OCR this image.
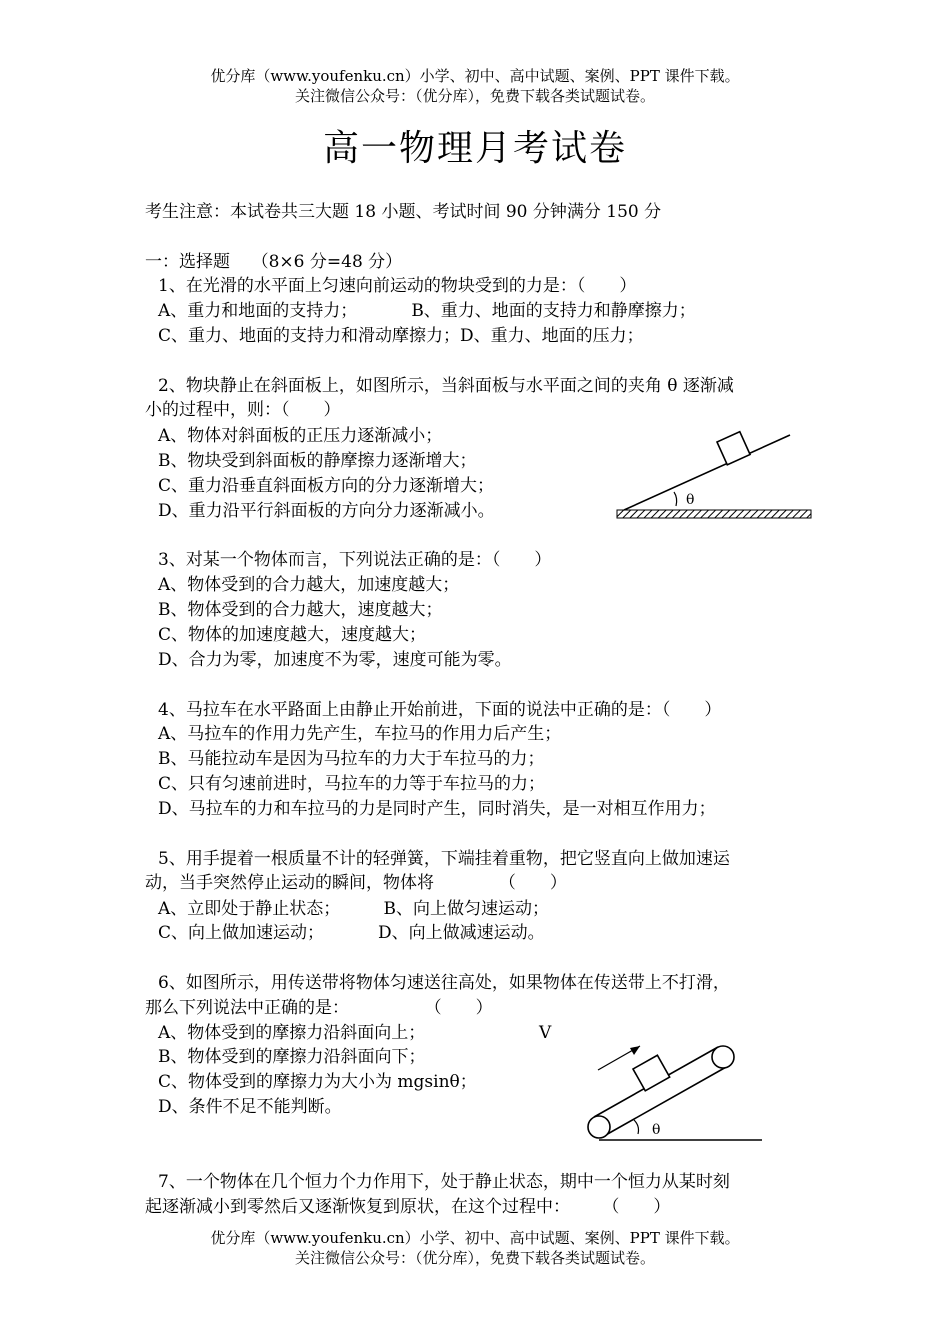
优分库（www.youfenku.cn）小学、初中、高中试题、案例、PPT 课件下载。
关注微信公众号：（优分库），免费下载各类试题试卷。
高一物理月考试卷
考生注意：本试卷共三大题 18 小题、考试时间 90 分钟满分 150 分
一：选择题    （8×6 分=48 分）
1、在光滑的水平面上匀速向前运动的物块受到的力是：（　　）
A、重力和地面的支持力；          B、重力、地面的支持力和静摩擦力；
C、重力、地面的支持力和滑动摩擦力；D、重力、地面的压力；
2、物块静止在斜面板上，如图所示，当斜面板与水平面之间的夹角 θ 逐渐减
小的过程中，则：（　　）
A、物体对斜面板的正压力逐渐减小；
B、物块受到斜面板的静摩擦力逐渐增大；
C、重力沿垂直斜面板方向的分力逐渐增大；
D、重力沿平行斜面板的方向分力逐渐减小。
θ
3、对某一个物体而言，下列说法正确的是：（　　）
A、物体受到的合力越大，加速度越大；
B、物体受到的合力越大，速度越大；
C、物体的加速度越大，速度越大；
D、合力为零，加速度不为零，速度可能为零。
4、马拉车在水平路面上由静止开始前进，下面的说法中正确的是：（　　）
A、马拉车的作用力先产生，车拉马的作用力后产生；
B、马能拉动车是因为马拉车的力大于车拉马的力；
C、只有匀速前进时，马拉车的力等于车拉马的力；
D、马拉车的力和车拉马的力是同时产生，同时消失，是一对相互作用力；
5、用手提着一根质量不计的轻弹簧，下端挂着重物，把它竖直向上做加速运
动，当手突然停止运动的瞬间，物体将            （　　）
A、立即处于静止状态；        B、向上做匀速运动；
C、向上做加速运动；          D、向上做减速运动。
6、如图所示，用传送带将物体匀速送往高处，如果物体在传送带上不打滑，
那么下列说法中正确的是：              （　　）
A、物体受到的摩擦力沿斜面向上；
B、物体受到的摩擦力沿斜面向下；
C、物体受到的摩擦力为大小为 mgsinθ；
D、条件不足不能判断。
V
θ
7、一个物体在几个恒力个力作用下，处于静止状态，期中一个恒力从某时刻
起逐渐减小到零然后又逐渐恢复到原状，在这个过程中：      （　　）
优分库（www.youfenku.cn）小学、初中、高中试题、案例、PPT 课件下载。
关注微信公众号：（优分库），免费下载各类试题试卷。
